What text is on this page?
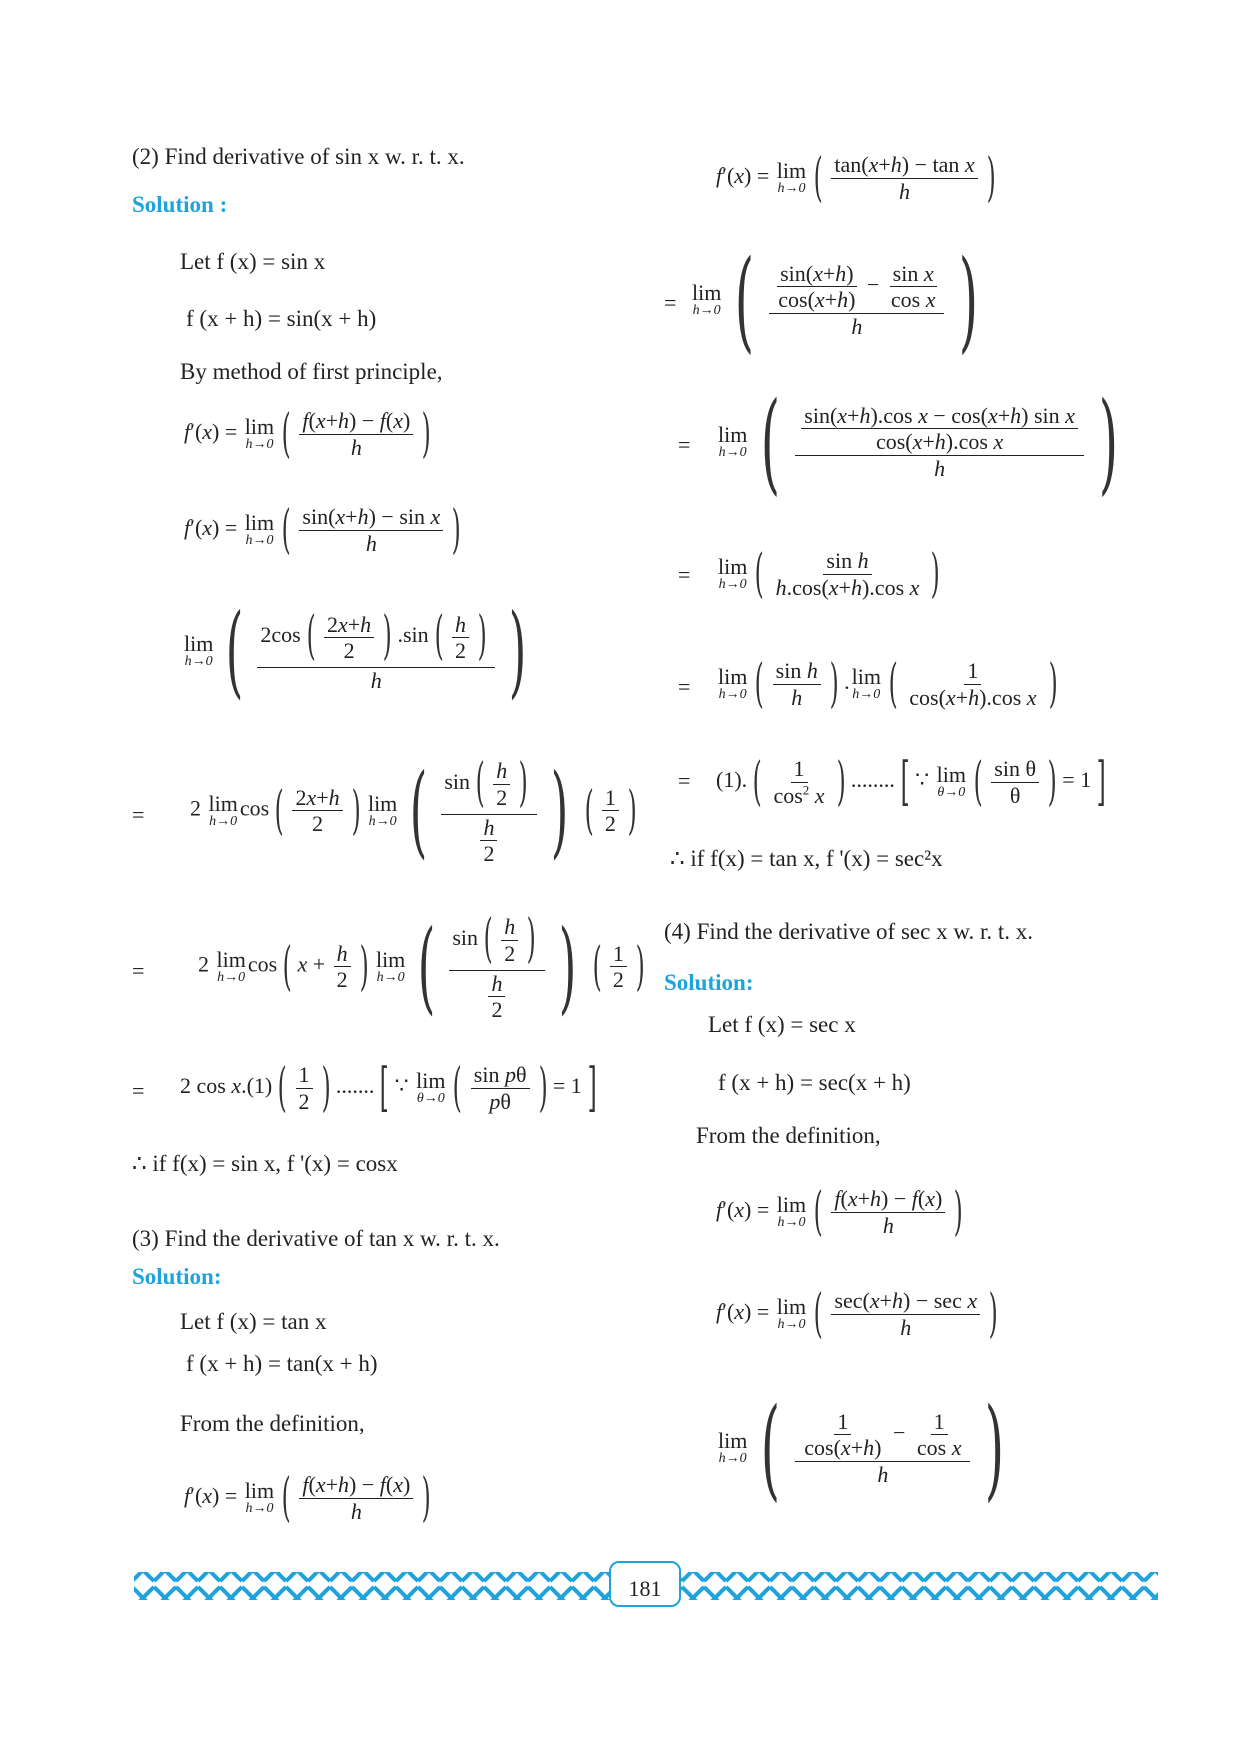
(2) Find derivative of sin x w. r. t. x.
Solution :
Let f (x) = sin x
f (x + h) = sin(x + h)
By method of first principle,
f′(x) = lim
h→0 ( $\frac{f(x+h) - f(x)}{h}$ )
f′(x) = lim
h→0 ( $\frac{\text{sin(x+h) − sin x}}{h}$ )
lim
h→0 ( $\frac{2\cos ( \frac{2x+h}{2} ) .\sin ( \frac{h}{2} )}{h}$ )
= 2 lim
h→0
cos ( $\frac{2x+h}{2}$ ) lim
h→0 ( $\frac{\sin ( \frac{h}{2} )}{\frac{h}{2}}$ ) ( $\frac{1}{2}$ )
= 2 lim
h→0
cos ( $x + \frac{h}{2}$ ) lim
h→0 ( $\frac{\sin ( \frac{h}{2} )}{\frac{h}{2}}$ ) ( $\frac{1}{2}$ )
= 2 cos x.(1) ( $\frac{1}{2}$ ) ....... [ ∵ lim
θ→0 ( $\frac{\text{sin pθ}}{p\theta}$ ) = 1 ]
∴ if f(x) = sin x, f '(x) = cosx
(3) Find the derivative of tan x w. r. t. x.
Solution:
Let f (x) = tan x
f (x + h) = tan(x + h)
From the definition,
f′(x) = lim
h→0 ( $\frac{f(x+h) - f(x)}{h}$ )
f′(x) = lim
h→0 ( $\frac{\text{tan(x+h) − tan x}}{h}$ )
= lim
h→0 ( $\frac{\frac{\sin(x+h)}{\cos(x+h)} - \frac{\text{sin x}}{\text{cos x}}}{h}$ )
= lim
h→0 ( $\frac{\frac{\text{sin(x+h).cos x − cos(x+h) sin x}}{\text{cos(x+h).cos x}}}{h}$ )
= lim
h→0 ( $\frac{\text{sin h}}{\text{h.cos(x+h).cos x}}$ )
= lim
h→0 ( $\frac{\text{sin h}}{h}$ ) . lim
h→0 ( $\frac{1}{\text{cos(x+h).cos x}}$ )
= (1). ( $\frac{1}{\cos^2 x}$ ) ........ [ ∵ lim
θ→0 ( $\frac{\text{sin θ}}{\theta}$ ) = 1 ]
∴ if f(x) = tan x, f '(x) = sec²x
(4) Find the derivative of sec x w. r. t. x.
Solution:
Let f (x) = sec x
f (x + h) = sec(x + h)
From the definition,
f′(x) = lim
h→0 ( $\frac{f(x+h) - f(x)}{h}$ )
f′(x) = lim
h→0 ( $\frac{\text{sec(x+h) − sec x}}{h}$ )
lim
h→0 ( $\frac{\frac{1}{\cos(x+h)} - \frac{1}{\text{cos x}}}{h}$ )
181
